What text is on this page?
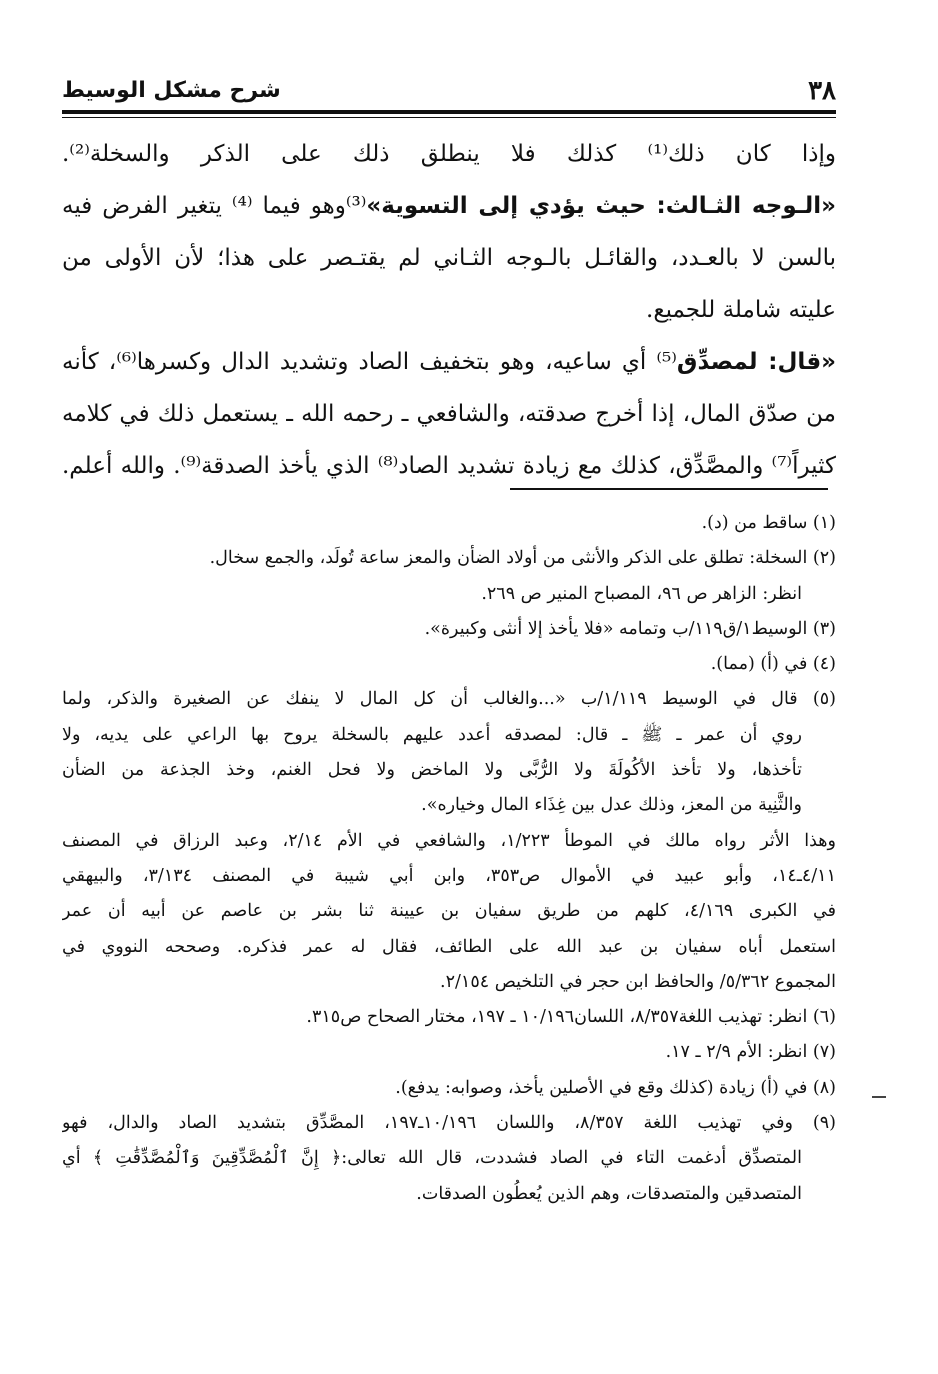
٣٨
شرح مشكل الوسيط
وإذا كان ذلك⁽¹⁾ كذلك فلا ينطلق ذلك على الذكر والسخلة⁽²⁾.
«الـوجه الثـالث: حيث يؤدي إلى التسوية»⁽³⁾وهو فيما ⁽⁴⁾ يتغير الفرض فيه
بالسن لا بالعـدد، والقائـل بالـوجه الثـاني لم يقتـصر على هذا؛ لأن الأولى من
عليته شاملة للجميع.
«قال: لمصدِّق⁽⁵⁾ أي ساعيه، وهو بتخفيف الصاد وتشديد الدال وكسرها⁽⁶⁾، كأنه
من صدّق المال، إذا أخرج صدقته، والشافعي ـ رحمه الله ـ يستعمل ذلك في كلامه
كثيراً⁽⁷⁾ والمصَّدِّق، كذلك مع زيادة تشديد الصاد⁽⁸⁾ الذي يأخذ الصدقة⁽⁹⁾. والله أعلم.
(١) ساقط من (د).
(٢) السخلة: تطلق على الذكر والأنثى من أولاد الضأن والمعز ساعة تُولَد، والجمع سخال.
انظر: الزاهر ص ٩٦، المصباح المنير ص ٢٦٩.
(٣) الوسيط١/ق١١٩/ب وتمامه «فلا يأخذ إلا أنثى وكبيرة».
(٤) في (أ) (مما).
(٥) قال في الوسيط ١/١١٩/ب «...والغالب أن كل المال لا ينفك عن الصغيرة والذكر، ولما
روي أن عمر ـ ﷺ ـ قال: لمصدقه أعدد عليهم بالسخلة يروح بها الراعي على يديه، ولا
تأخذها، ولا تأخذ الأكُولَةَ ولا الرُّبَّى ولا الماخض ولا فحل الغنم، وخذ الجذعة من الضأن
والثَّنِية من المعز، وذلك عدل بين غِذَاء المال وخياره».
وهذا الأثر رواه مالك في الموطأ ١/٢٢٣، والشافعي في الأم ٢/١٤، وعبد الرزاق في المصنف
٤/١١ـ١٤، وأبو عبيد في الأموال ص٣٥٣، وابن أبي شيبة في المصنف ٣/١٣٤، والبيهقي
في الكبرى ٤/١٦٩، كلهم من طريق سفيان بن عيينة ثنا بشر بن عاصم عن أبيه أن عمر
استعمل أباه سفيان بن عبد الله على الطائف، فقال له عمر فذكره. وصححه النووي في
المجموع ٥/٣٦٢/ والحافظ ابن حجر في التلخيص ٢/١٥٤.
(٦) انظر: تهذيب اللغة٨/٣٥٧، اللسان١٠/١٩٦ ـ ١٩٧، مختار الصحاح ص٣١٥.
(٧) انظر: الأم ٢/٩ ـ ١٧.
(٨) في (أ) زيادة (كذلك وقع في الأصلين يأخذ، وصوابه: يدفع).
(٩) وفي تهذيب اللغة ٨/٣٥٧، واللسان ١٠/١٩٦ـ١٩٧، المصَّدِّق بتشديد الصاد والدال، فهو
المتصدِّق أدغمت التاء في الصاد فشددت، قال الله تعالى:﴿ إِنَّ ٱلْمُصَّدِّقِينَ وَٱلْمُصَّدِّقَٰتِ ﴾ أي
المتصدقين والمتصدقات، وهم الذين يُعطُون الصدقات.
